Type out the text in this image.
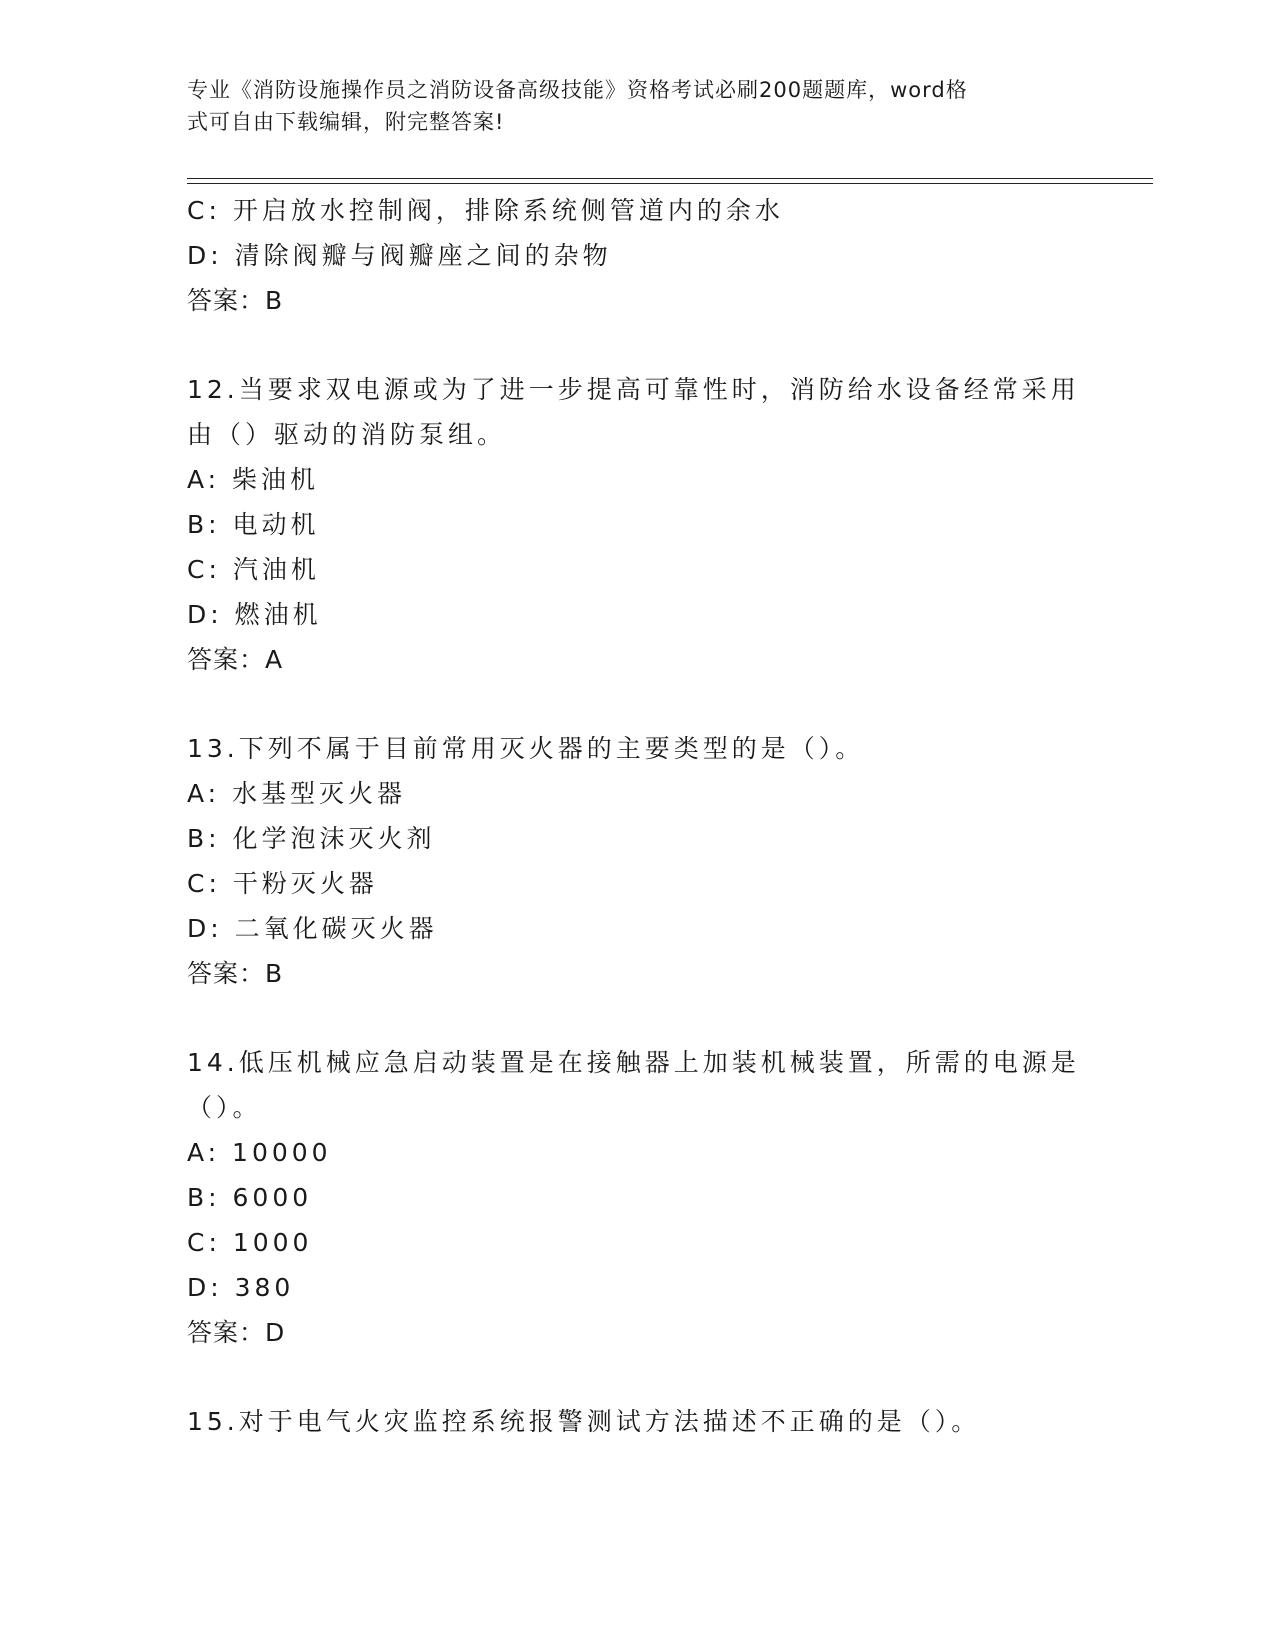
专业《消防设施操作员之消防设备高级技能》资格考试必刷200题题库，word格
式可自由下载编辑，附完整答案!
C: 开启放水控制阀，排除系统侧管道内的余水
D: 清除阀瓣与阀瓣座之间的杂物
答案：B
12.当要求双电源或为了进一步提高可靠性时，消防给水设备经常采用
由（）驱动的消防泵组。
A: 柴油机
B: 电动机
C: 汽油机
D: 燃油机
答案：A
13.下列不属于目前常用灭火器的主要类型的是（）。
A: 水基型灭火器
B: 化学泡沫灭火剂
C: 干粉灭火器
D: 二氧化碳灭火器
答案：B
14.低压机械应急启动装置是在接触器上加装机械装置，所需的电源是
（）。
A: 10000
B: 6000
C: 1000
D: 380
答案：D
15.对于电气火灾监控系统报警测试方法描述不正确的是（）。
